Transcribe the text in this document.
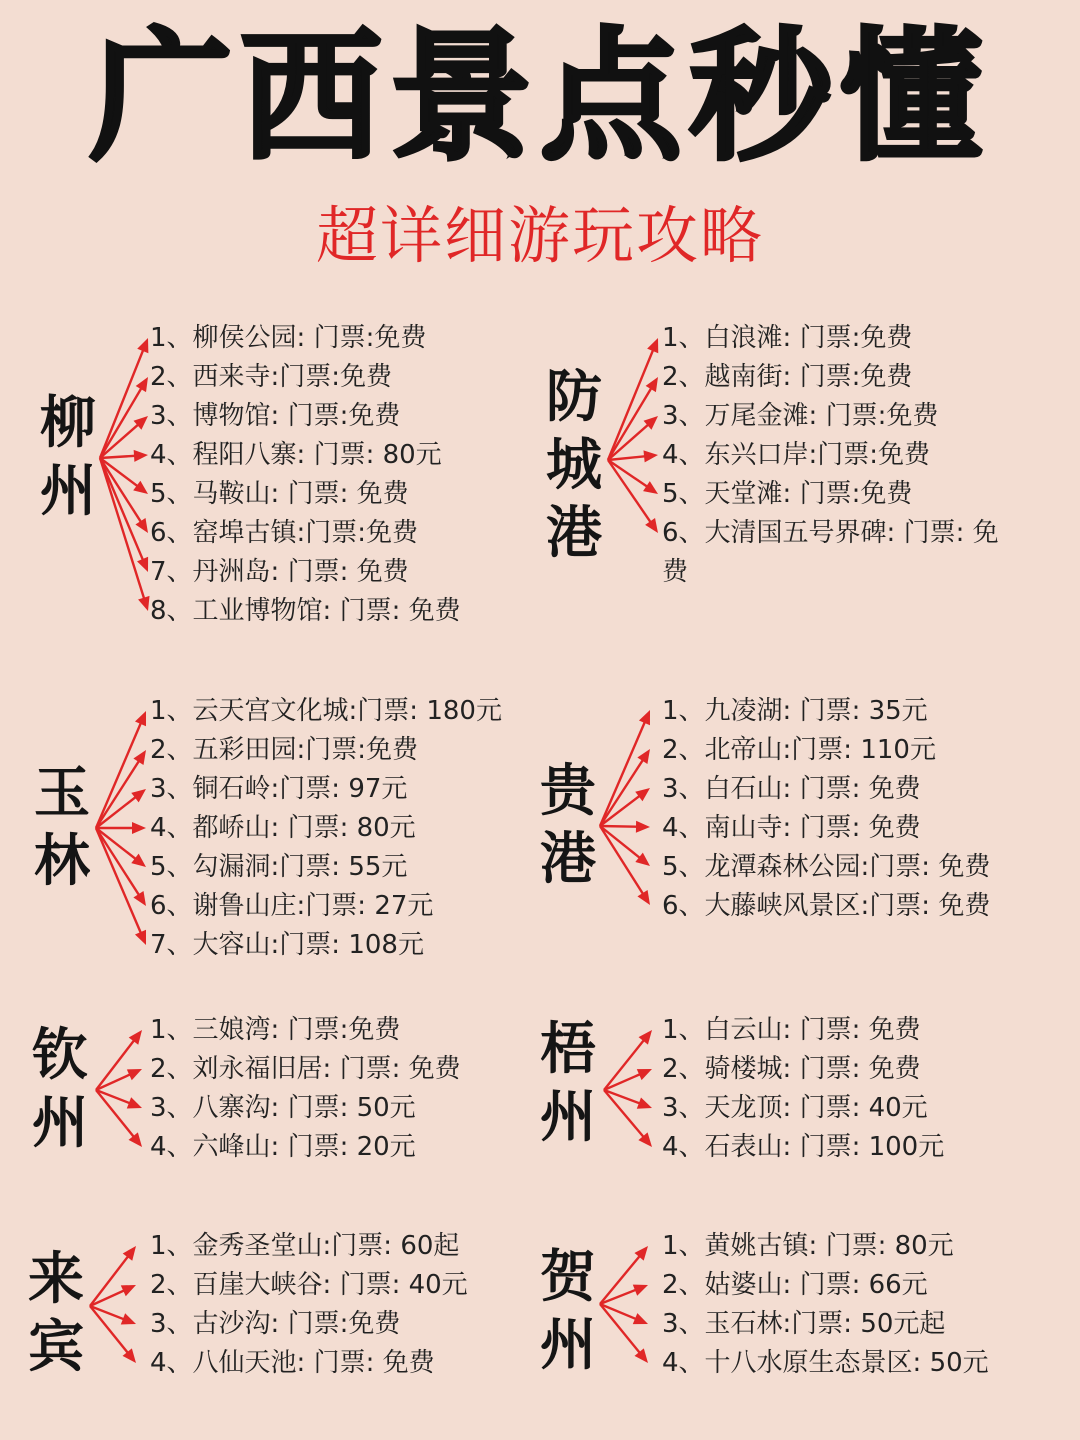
广西景点秒懂
超详细游玩攻略
柳
州
1、柳侯公园: 门票:免费
2、西来寺:门票:免费
3、博物馆: 门票:免费
4、程阳八寨: 门票: 80元
5、马鞍山: 门票: 免费
6、窑埠古镇:门票:免费
7、丹洲岛: 门票: 免费
8、工业博物馆: 门票: 免费
防
城
港
1、白浪滩: 门票:免费
2、越南街: 门票:免费
3、万尾金滩: 门票:免费
4、东兴口岸:门票:免费
5、天堂滩: 门票:免费
6、大清国五号界碑: 门票: 免费
玉
林
1、云天宫文化城:门票: 180元
2、五彩田园:门票:免费
3、铜石岭:门票: 97元
4、都峤山: 门票: 80元
5、勾漏洞:门票: 55元
6、谢鲁山庄:门票: 27元
7、大容山:门票: 108元
贵
港
1、九凌湖: 门票: 35元
2、北帝山:门票: 110元
3、白石山: 门票: 免费
4、南山寺: 门票: 免费
5、龙潭森林公园:门票: 免费
6、大藤峡风景区:门票: 免费
钦
州
1、三娘湾: 门票:免费
2、刘永福旧居: 门票: 免费
3、八寨沟: 门票: 50元
4、六峰山: 门票: 20元
梧
州
1、白云山: 门票: 免费
2、骑楼城: 门票: 免费
3、天龙顶: 门票: 40元
4、石表山: 门票: 100元
来
宾
1、金秀圣堂山:门票: 60起
2、百崖大峡谷: 门票: 40元
3、古沙沟: 门票:免费
4、八仙天池: 门票: 免费
贺
州
1、黄姚古镇: 门票: 80元
2、姑婆山: 门票: 66元
3、玉石林:门票: 50元起
4、十八水原生态景区: 50元
